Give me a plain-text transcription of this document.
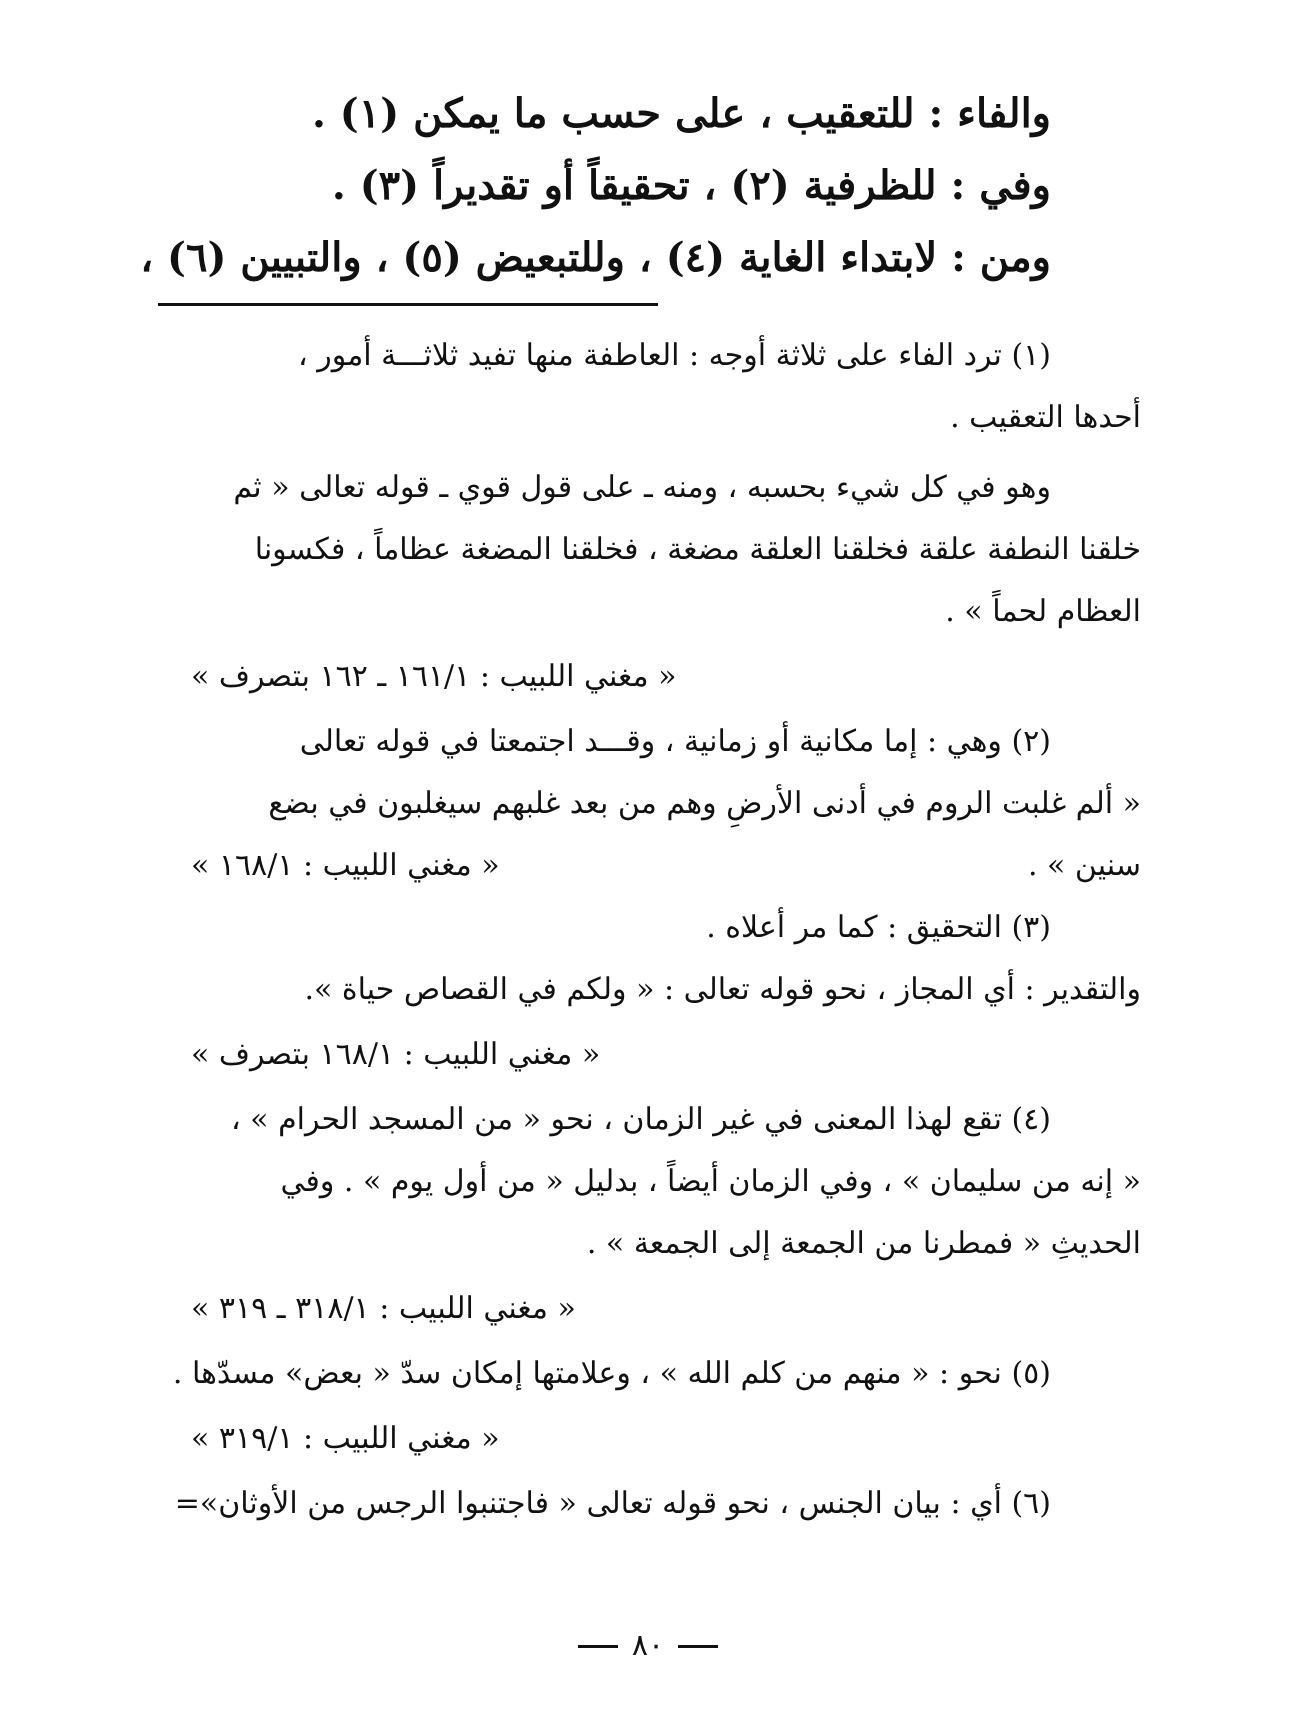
والفاء : للتعقيب ، على حسب ما يمكن (١) .
وفي : للظرفية (٢) ، تحقيقاً أو تقديراً (٣) .
ومن : لابتداء الغاية (٤) ، وللتبعيض (٥) ، والتبيين (٦) ،
(١) ترد الفاء على ثلاثة أوجه : العاطفة منها تفيد ثلاثـــة أمور ،
أحدها التعقيب .
وهو في كل شيء بحسبه ، ومنه ـ على قول قوي ـ قوله تعالى « ثم
خلقنا النطفة علقة فخلقنا العلقة مضغة ، فخلقنا المضغة عظاماً ، فكسونا
العظام لحماً » .
« مغني اللبيب : ١٦١/١ ـ ١٦٢ بتصرف »
(٢) وهي : إما مكانية أو زمانية ، وقـــد اجتمعتا في قوله تعالى
« ألم غلبت الروم في أدنى الأرضِ وهم من بعد غلبهم سيغلبون في بضع
سنين » .
« مغني اللبيب : ١٦٨/١ »
(٣) التحقيق : كما مر أعلاه .
والتقدير : أي المجاز ، نحو قوله تعالى : « ولكم في القصاص حياة ».
« مغني اللبيب : ١٦٨/١ بتصرف »
(٤) تقع لهذا المعنى في غير الزمان ، نحو « من المسجد الحرام » ،
« إنه من سليمان » ، وفي الزمان أيضاً ، بدليل « من أول يوم » . وفي
الحديثِ « فمطرنا من الجمعة إلى الجمعة » .
« مغني اللبيب : ٣١٨/١ ـ ٣١٩ »
(٥) نحو : « منهم من كلم الله » ، وعلامتها إمكان سدّ « بعض» مسدّها .
« مغني اللبيب : ٣١٩/١ »
(٦) أي : بيان الجنس ، نحو قوله تعالى « فاجتنبوا الرجس من الأوثان»=
٨٠
